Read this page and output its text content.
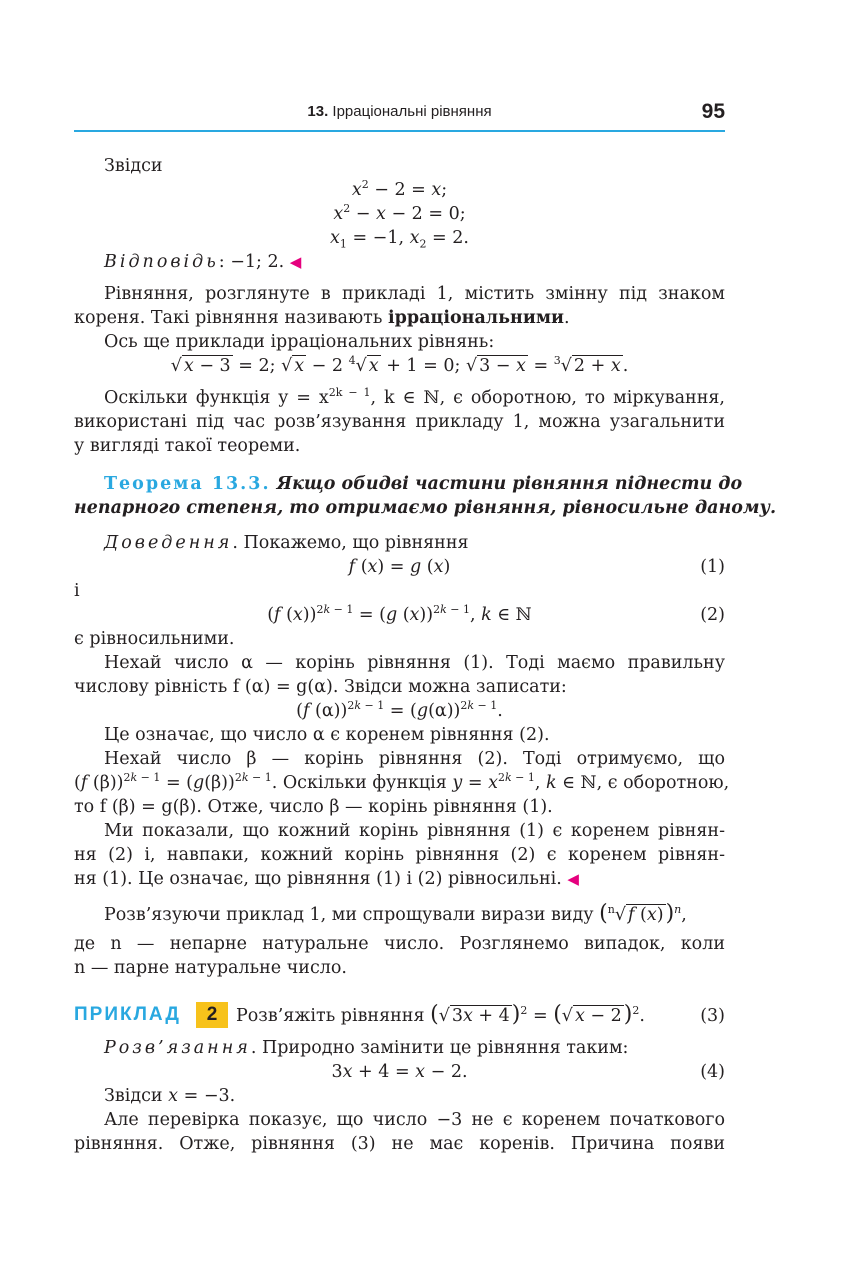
13. Ірраціональні рівняння	95
Звідси
$x^2 - 2 = x$;
$x^2 - x - 2 = 0$;
$x_1 = -1$, $x_2 = 2$.
Відповідь: −1; 2. ◀
Рівняння, розглянуте в прикладі 1, містить змінну під знаком
кореня. Такі рівняння називають ірраціональними.
Ось ще приклади ірраціональних рівнянь:
√ x − 3 = 2; √ x − 2 $^4$√ x + 1 = 0; √ 3 − x = $^3$√ 2 + x .
Оскільки функція $y = x^{2k - 1}$, k ∈ ℕ, є оборотною, то міркування,
використані під час розв’язування прикладу 1, можна узагальнити
у вигляді такої теореми.
Теорема 13.3. Якщо обидві частини рівняння піднести до
непарного степеня, то отримаємо рівняння, рівносильне даному.
Доведення. Покажемо, що рівняння
f (x) = g (x)	(1)
і
(f (x))$^{2k - 1}$ = (g (x))$^{2k - 1}$, k ∈ ℕ	(2)
є рівносильними.
Нехай число α — корінь рівняння (1). Тоді маємо правильну
числову рівність f (α) = g(α). Звідси можна записати:
(f $(\alpha))^{2k - 1} = (g(\alpha))^{2k - 1}$.
Це означає, що число α є коренем рівняння (2).
Нехай число β — корінь рівняння (2). Тоді отримуємо, що
(f $(\beta))^{2k - 1} = (g(\beta))^{2k - 1}$. Оскільки функція $y = x^{2k - 1}$, k ∈ ℕ, є оборотною,
то f (β) = g(β). Отже, число β — корінь рівняння (1).
Ми показали, що кожний корінь рівняння (1) є коренем рівнян-
ня (2) і, навпаки, кожний корінь рівняння (2) є коренем рівнян-
ня (1). Це означає, що рівняння (1) і (2) рівносильні. ◀
Розв’язуючи приклад 1, ми спрощували вирази виду ($^n$√ f (x))$^n$,
де n — непарне натуральне число. Розглянемо випадок, коли
n — парне натуральне число.
ПРИКЛАД	2	Розв’яжіть рівняння (√ 3x + 4)$^2$ = (√ x − 2)$^2$.	(3)
Розв’язання. Природно замінити це рівняння таким:
3x + 4 = x − 2.	(4)
Звідси x = −3.
Але перевірка показує, що число −3 не є коренем початкового
рівняння. Отже, рівняння (3) не має коренів. Причина появи
